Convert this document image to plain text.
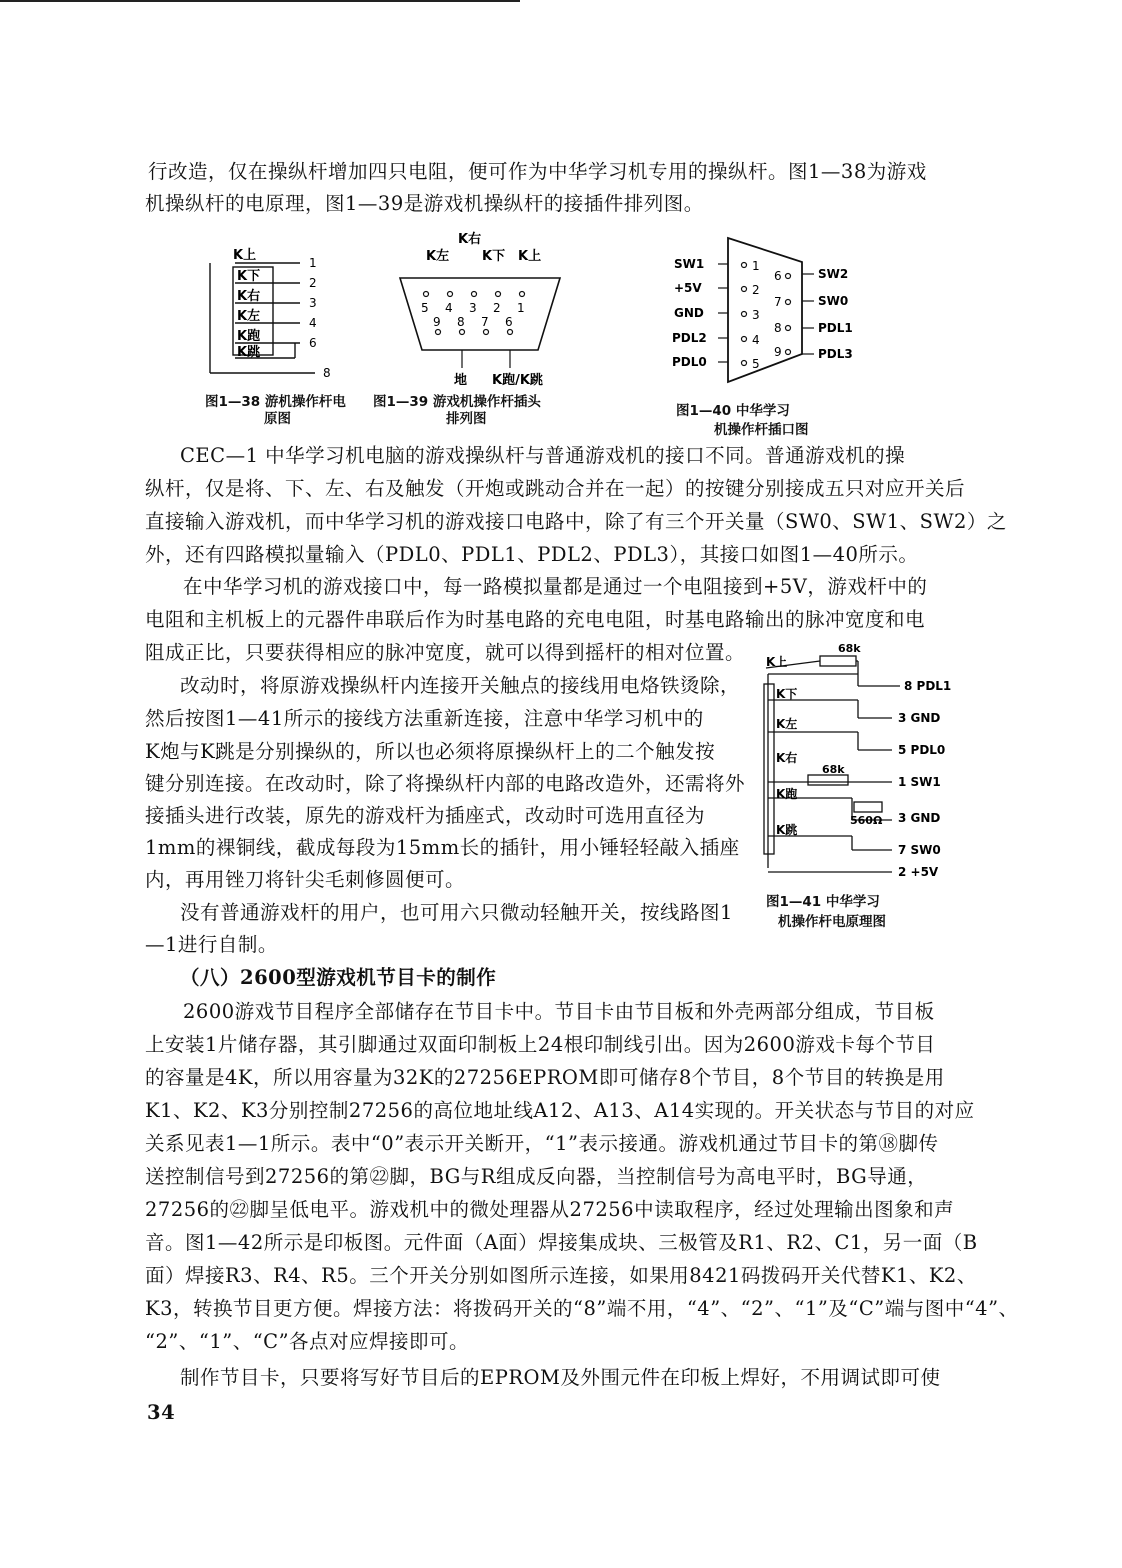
行改造，仅在操纵杆增加四只电阻，便可作为中华学习机专用的操纵杆。图1—38为游戏
机操纵杆的电原理，图1—39是游戏机操纵杆的接插件排列图。
K上
K下
K右
K左
K跑
K跳
1
2
3
4
6
8
图1—38 游机操作杆电
原图
K右
K左	K下 K上
5 4 3 2 1
9 8 7 6
地 K跑/K跳
图1—39 游戏机操作杆插头
排列图
SW1
+5V
GND
PDL2
PDL0
SW2
SW0
PDL1
PDL3
1
2
3
4
5
6
7
8
9
图1—40 中华学习
机操作杆插口图
CEC—1 中华学习机电脑的游戏操纵杆与普通游戏机的接口不同。普通游戏机的操
纵杆，仅是将、下、左、右及触发（开炮或跳动合并在一起）的按键分别接成五只对应开关后
直接输入游戏机，而中华学习机的游戏接口电路中，除了有三个开关量（SW0、SW1、SW2）之
外，还有四路模拟量输入（PDL0、PDL1、PDL2、PDL3），其接口如图1—40所示。
在中华学习机的游戏接口中，每一路模拟量都是通过一个电阻接到+5V，游戏杆中的
电阻和主机板上的元器件串联后作为时基电路的充电电阻，时基电路输出的脉冲宽度和电
阻成正比，只要获得相应的脉冲宽度，就可以得到摇杆的相对位置。
改动时，将原游戏操纵杆内连接开关触点的接线用电烙铁烫除，
然后按图1—41所示的接线方法重新连接，注意中华学习机中的
K炮与K跳是分别操纵的，所以也必须将原操纵杆上的二个触发按
键分别连接。在改动时，除了将操纵杆内部的电路改造外，还需将外
接插头进行改装，原先的游戏杆为插座式，改动时可选用直径为
1mm的裸铜线，截成每段为15mm长的插针，用小锤轻轻敲入插座
内，再用锉刀将针尖毛刺修圆便可。
没有普通游戏杆的用户，也可用六只微动轻触开关，按线路图1
—1进行自制。
68k
68k
560Ω
K上
K下
K左
K右
K跑
K跳
8 PDL1
3 GND
5 PDL0
1 SW1
3 GND
7 SW0
2 +5V
图1—41 中华学习
机操作杆电原理图
（八）2600型游戏机节目卡的制作
2600游戏节目程序全部储存在节目卡中。节目卡由节目板和外壳两部分组成，节目板
上安装1片储存器，其引脚通过双面印制板上24根印制线引出。因为2600游戏卡每个节目
的容量是4K，所以用容量为32K的27256EPROM即可储存8个节目，8个节目的转换是用
K1、K2、K3分别控制27256的高位地址线A12、A13、A14实现的。开关状态与节目的对应
关系见表1—1所示。表中“0”表示开关断开，“1”表示接通。游戏机通过节目卡的第⑱脚传
送控制信号到27256的第㉒脚，BG与R组成反向器，当控制信号为高电平时，BG导通，
27256的㉒脚呈低电平。游戏机中的微处理器从27256中读取程序，经过处理输出图象和声
音。图1—42所示是印板图。元件面（A面）焊接集成块、三极管及R1、R2、C1，另一面（B
面）焊接R3、R4、R5。三个开关分别如图所示连接，如果用8421码拨码开关代替K1、K2、
K3，转换节目更方便。焊接方法：将拨码开关的“8”端不用，“4”、“2”、“1”及“C”端与图中“4”、
“2”、“1”、“C”各点对应焊接即可。
制作节目卡，只要将写好节目后的EPROM及外围元件在印板上焊好，不用调试即可使
34
